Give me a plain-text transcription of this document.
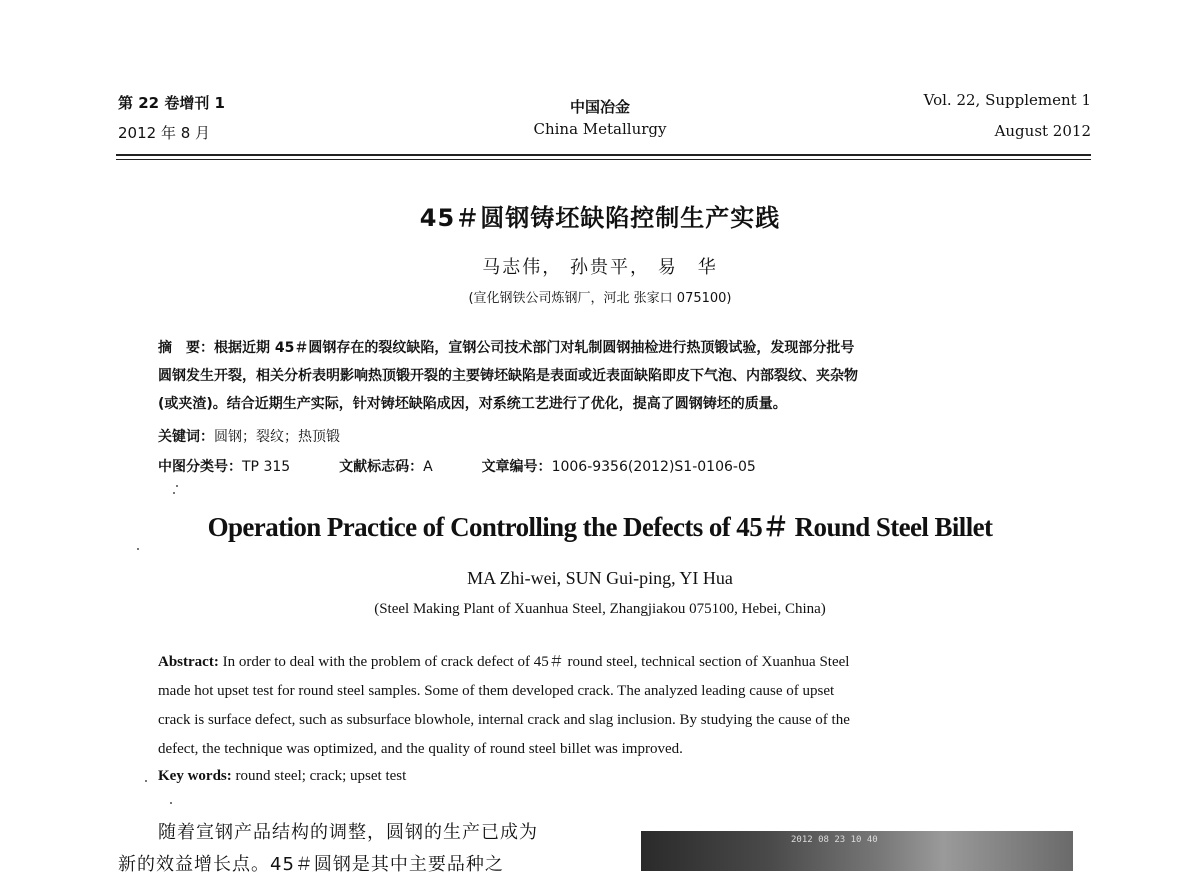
第 22 卷增刊 1
2012 年 8 月
中国冶金
China Metallurgy
Vol. 22, Supplement 1
August 2012
45＃圆钢铸坯缺陷控制生产实践
马志伟， 孙贵平， 易　华
(宣化钢铁公司炼钢厂，河北 张家口 075100)
摘　要：根据近期 45＃圆钢存在的裂纹缺陷，宣钢公司技术部门对轧制圆钢抽检进行热顶锻试验，发现部分批号
圆钢发生开裂，相关分析表明影响热顶锻开裂的主要铸坯缺陷是表面或近表面缺陷即皮下气泡、内部裂纹、夹杂物
(或夹渣)。结合近期生产实际，针对铸坯缺陷成因，对系统工艺进行了优化，提高了圆钢铸坯的质量。
关键词：圆钢；裂纹；热顶锻
中图分类号：TP 315	文献标志码：A	文章编号：1006-9356(2012)S1-0106-05
Operation Practice of Controlling the Defects of 45＃ Round Steel Billet
MA Zhi-wei, SUN Gui-ping, YI Hua
(Steel Making Plant of Xuanhua Steel, Zhangjiakou 075100, Hebei, China)
Abstract: In order to deal with the problem of crack defect of 45＃ round steel, technical section of Xuanhua Steel
made hot upset test for round steel samples. Some of them developed crack. The analyzed leading cause of upset
crack is surface defect, such as subsurface blowhole, internal crack and slag inclusion. By studying the cause of the
defect, the technique was optimized, and the quality of round steel billet was improved.
Key words: round steel; crack; upset test
随着宣钢产品结构的调整，圆钢的生产已成为
新的效益增长点。45＃圆钢是其中主要品种之
2012 08 23 10 40
